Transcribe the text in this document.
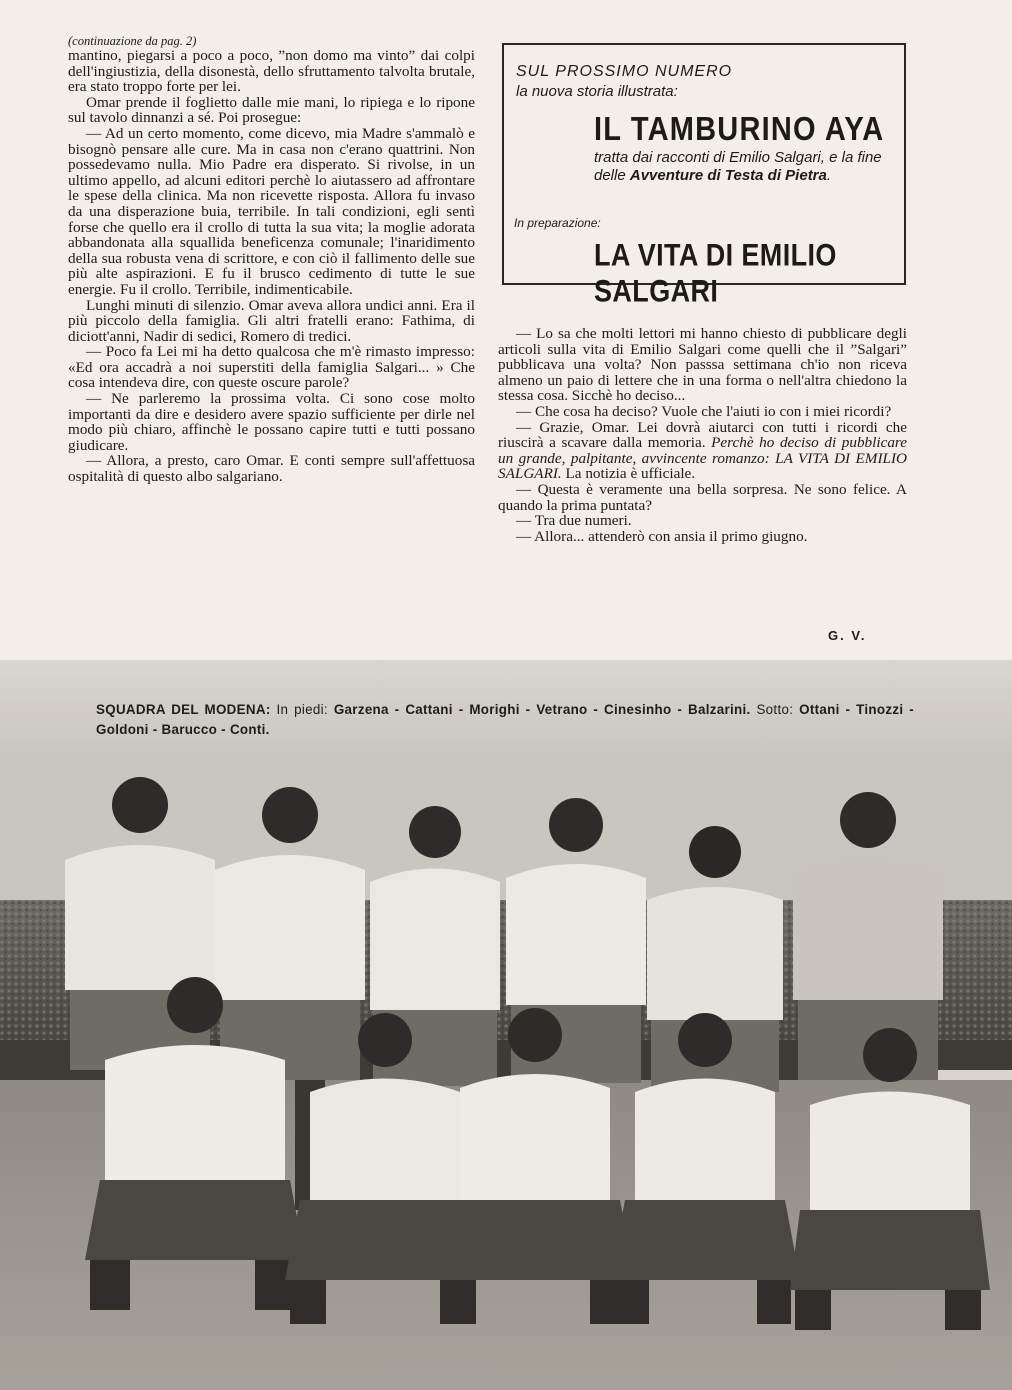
(continuazione da pag. 2)

mantino, piegarsi a poco a poco, ”non domo ma vinto” dai colpi dell'ingiustizia, della disonestà, dello sfruttamento talvolta brutale, era stato troppo forte per lei.

Omar prende il foglietto dalle mie mani, lo ripiega e lo ripone sul tavolo dinnanzi a sé. Poi prosegue:

— Ad un certo momento, come dicevo, mia Madre s'ammalò e bisognò pensare alle cure. Ma in casa non c'erano quattrini. Non possedevamo nulla. Mio Padre era disperato. Si rivolse, in un ultimo appello, ad alcuni editori perchè lo aiutassero ad affrontare le spese della clinica. Ma non ricevette risposta. Allora fu invaso da una disperazione buia, terribile. In tali condizioni, egli sentì forse che quello era il crollo di tutta la sua vita; la moglie adorata abbandonata alla squallida beneficenza comunale; l'inaridimento della sua robusta vena di scrittore, e con ciò il fallimento delle sue più alte aspirazioni. E fu il brusco cedimento di tutte le sue energie. Fu il crollo. Terribile, indimenticabile.

Lunghi minuti di silenzio. Omar aveva allora undici anni. Era il più piccolo della famiglia. Gli altri fratelli erano: Fathima, di diciott'anni, Nadir di sedici, Romero di tredici.

— Poco fa Lei mi ha detto qualcosa che m'è rimasto impresso: «Ed ora accadrà a noi superstiti della famiglia Salgari... » Che cosa intendeva dire, con queste oscure parole?

— Ne parleremo la prossima volta. Ci sono cose molto importanti da dire e desidero avere spazio sufficiente per dirle nel modo più chiaro, affinchè le possano capire tutti e tutti possano giudicare.

— Allora, a presto, caro Omar. E conti sempre sull'affettuosa ospitalità di questo albo salgariano.

SUL PROSSIMO NUMERO
la nuova storia illustrata:
IL TAMBURINO AYA
tratta dai racconti di Emilio Salgari, e la fine delle Avventure di Testa di Pietra.
In preparazione:
LA VITA DI EMILIO SALGARI

— Lo sa che molti lettori mi hanno chiesto di pubblicare degli articoli sulla vita di Emilio Salgari come quelli che il ”Salgari” pubblicava una volta? Non passsa settimana ch'io non riceva almeno un paio di lettere che in una forma o nell'altra chiedono la stessa cosa. Sicchè ho deciso...

— Che cosa ha deciso? Vuole che l'aiuti io con i miei ricordi?

— Grazie, Omar. Lei dovrà aiutarci con tutti i ricordi che riuscirà a scavare dalla memoria. Perchè ho deciso di pubblicare un grande, palpitante, avvincente romanzo: LA VITA DI EMILIO SALGARI. La notizia è ufficiale.

— Questa è veramente una bella sorpresa. Ne sono felice. A quando la prima puntata?

— Tra due numeri.

— Allora... attenderò con ansia il primo giugno.

G. V.
SQUADRA DEL MODENA: In piedi: Garzena - Cattani - Morighi - Vetrano - Cinesinho - Balzarini. Sotto: Ottani - Tinozzi - Goldoni - Barucco - Conti.
